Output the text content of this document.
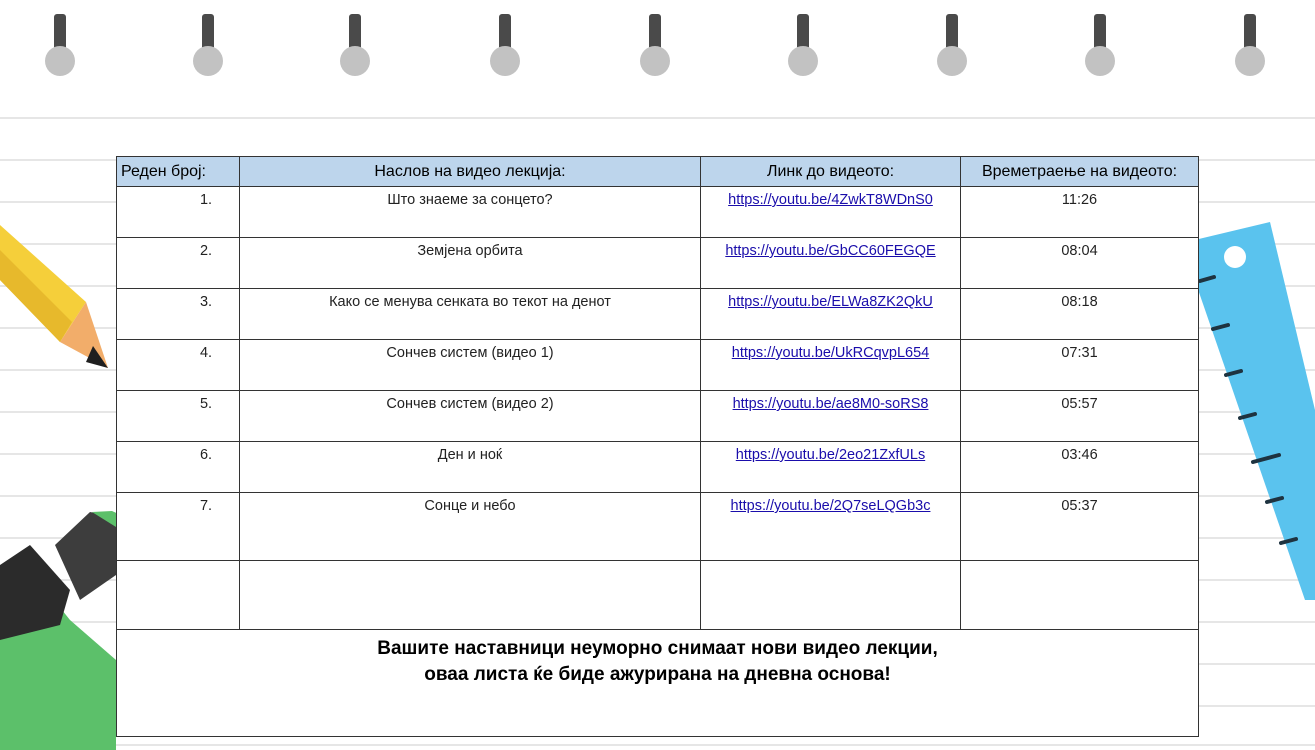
Реден број:	Наслов на видео лекција:	Линк до видеото:	Времетраење на видеото:
1.	Што знаеме за сонцето?	https://youtu.be/4ZwkT8WDnS0	11:26
2.	Земјена орбита	https://youtu.be/GbCC60FEGQE	08:04
3.	Како се менува сенката во текот на денот	https://youtu.be/ELWa8ZK2QkU	08:18
4.	Сончев систем (видео 1)	https://youtu.be/UkRCqvpL654	07:31
5.	Сончев систем (видео 2)	https://youtu.be/ae8M0-soRS8	05:57
6.	Ден и ноќ	https://youtu.be/2eo21ZxfULs	03:46
7.	Сонце и небо	https://youtu.be/2Q7seLQGb3c	05:37

Вашите наставници неуморно снимаат нови видео лекции,
оваа листа ќе биде ажурирана на дневна основа!			
